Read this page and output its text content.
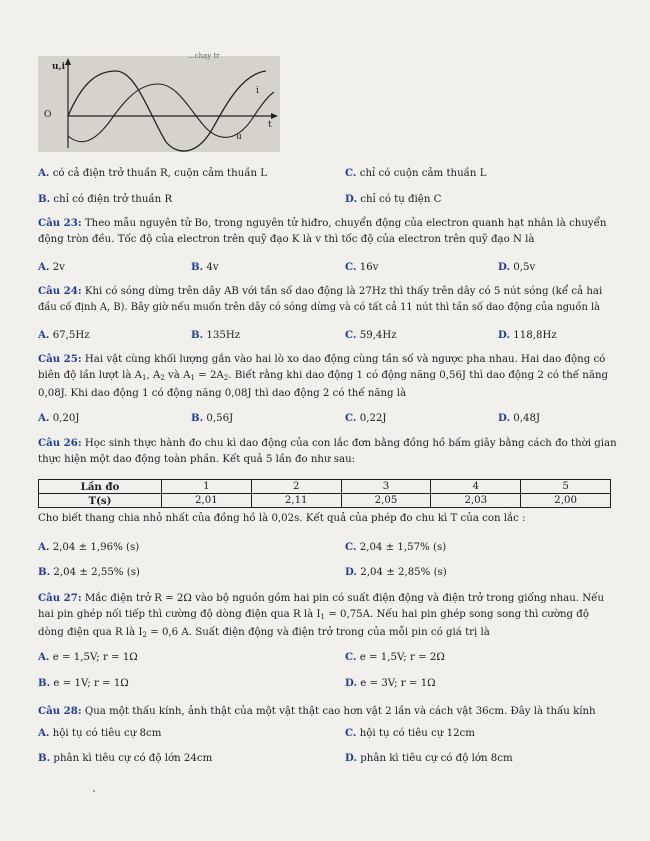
u,i
O
i
t
u
...chạy tr
A. có cả điện trở thuần R, cuộn cảm thuần L	C. chỉ có cuộn cảm thuần L
B. chỉ có điện trở thuần R	D. chỉ có tụ điện C
Câu 23: Theo mẫu nguyên tử Bo, trong nguyên tử hiđro, chuyển động của electron quanh hạt nhân là chuyển
động tròn đều. Tốc độ của electron trên quỹ đạo K là v thì tốc độ của electron trên quỹ đạo N là
A. 2v	B. 4v	C. 16v	D. 0,5v
Câu 24: Khi có sóng dừng trên dây AB với tần số dao động là 27Hz thì thấy trên dây có 5 nút sóng (kể cả hai
đầu cố định A, B). Bây giờ nếu muốn trên dây có sóng dừng và có tất cả 11 nút thì tần số dao động của nguồn là
A. 67,5Hz	B. 135Hz	C. 59,4Hz	D. 118,8Hz
Câu 25: Hai vật cùng khối lượng gắn vào hai lò xo dao động cùng tần số và ngược pha nhau. Hai dao động có
biên độ lần lượt là $A_1$, $A_2$ và $A_1 = 2A_2$. Biết rằng khi dao động 1 có động năng 0,56J thì dao động 2 có thế năng
0,08J. Khi dao động 1 có động năng 0,08J thì dao động 2 có thế năng là
A. 0,20J	B. 0,56J	C. 0,22J	D. 0,48J
Câu 26: Học sinh thực hành đo chu kì dao động của con lắc đơn bằng đồng hồ bấm giây bằng cách đo thời gian
thực hiện một dao động toàn phần. Kết quả 5 lần đo như sau:
Lần đo	1	2	3	4	5
T(s)	2,01	2,11	2,05	2,03	2,00
Cho biết thang chia nhỏ nhất của đồng hồ là 0,02s. Kết quả của phép đo chu kì T của con lắc :
A. 2,04 ± 1,96% (s)	C. 2,04 ± 1,57% (s)
B. 2,04 ± 2,55% (s)	D. 2,04 ± 2,85% (s)
Câu 27: Mắc điện trở R = 2Ω vào bộ nguồn gồm hai pin có suất điện động và điện trở trong giống nhau. Nếu
hai pin ghép nối tiếp thì cường độ dòng điện qua R là $I_1 = 0,75A$. Nếu hai pin ghép song song thì cường độ
dòng điện qua R là $I_2 = 0,6$ A. Suất điện động và điện trở trong của mỗi pin có giá trị là
A. e = 1,5V; r = 1Ω	C. e = 1,5V; r = 2Ω
B. e = 1V; r = 1Ω	D. e = 3V; r = 1Ω
Câu 28: Qua một thấu kính, ảnh thật của một vật thật cao hơn vật 2 lần và cách vật 36cm. Đây là thấu kính
A. hội tụ có tiêu cự 8cm	C. hội tụ có tiêu cự 12cm
B. phân kì tiêu cự có độ lớn 24cm	D. phân kì tiêu cự có độ lớn 8cm
